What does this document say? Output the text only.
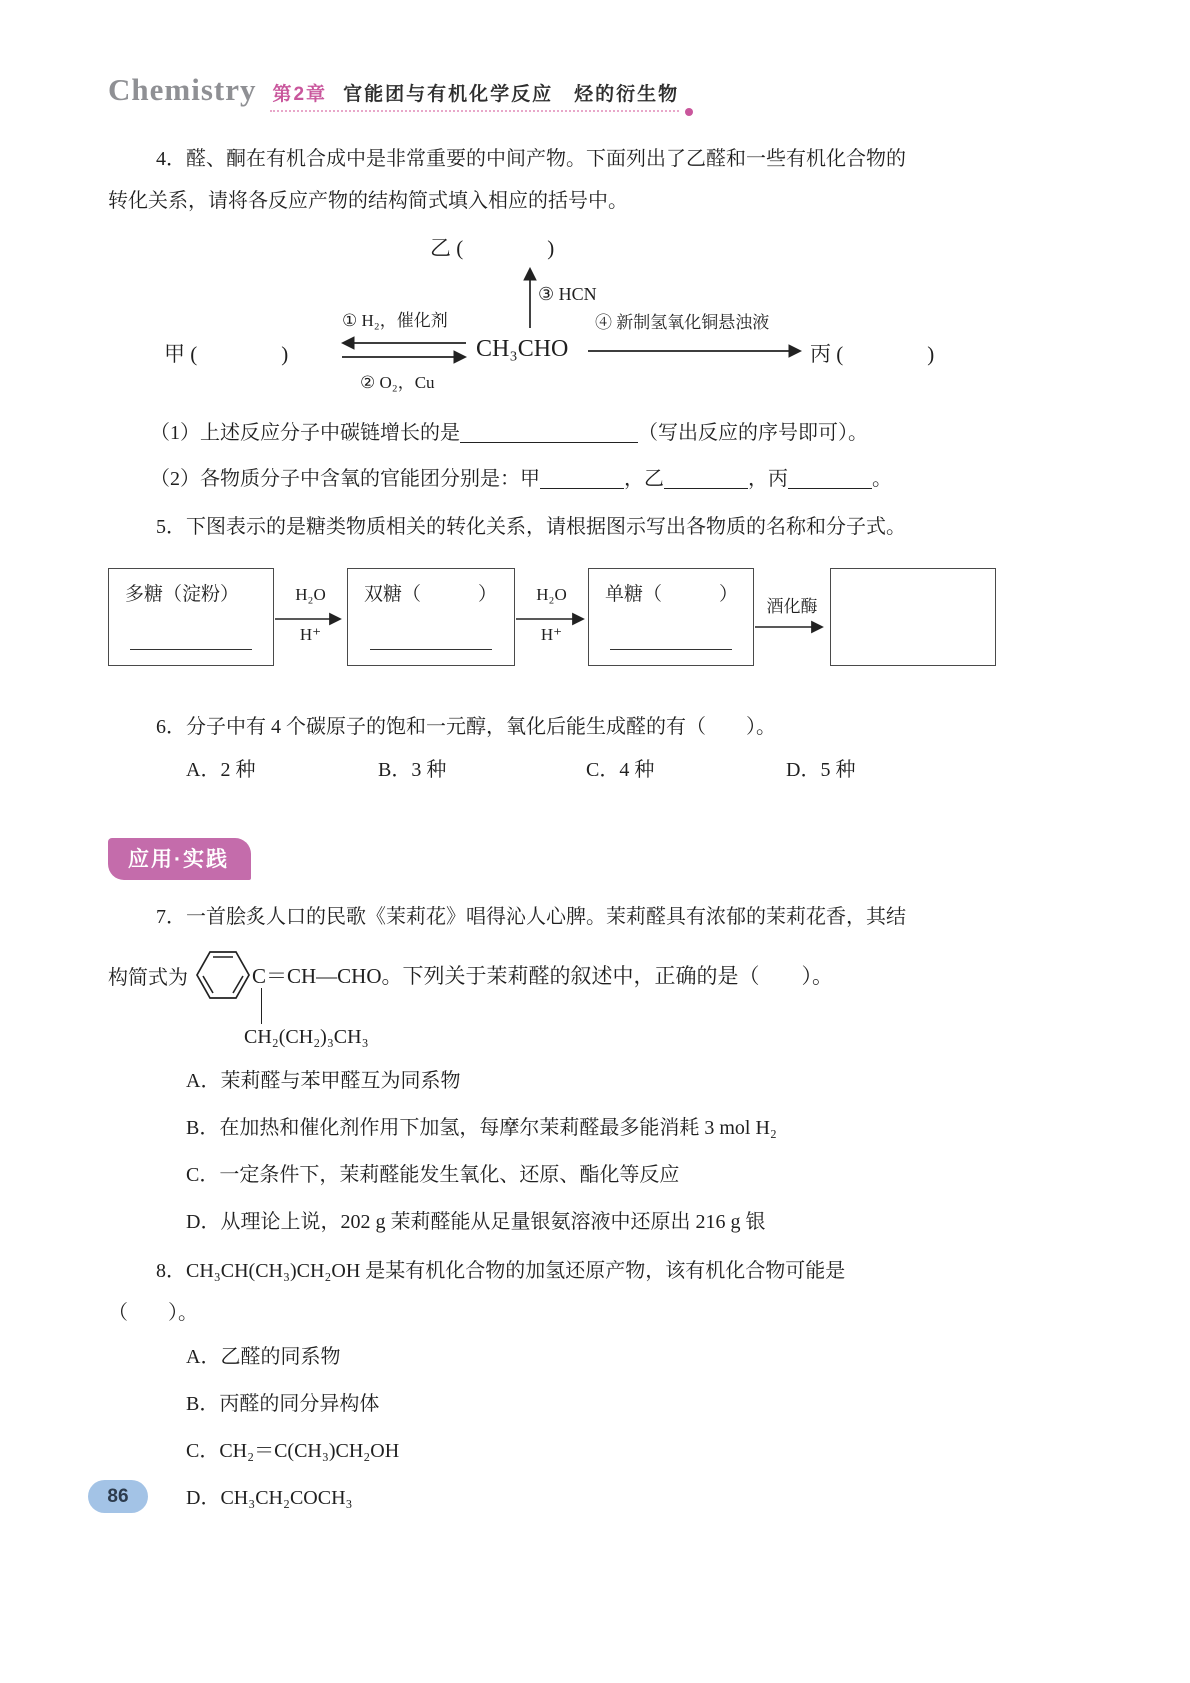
Chemistry 第2章 官能团与有机化学反应　烃的衍生物
4．醛、酮在有机合成中是非常重要的中间产物。下面列出了乙醛和一些有机化合物的
转化关系，请将各反应产物的结构简式填入相应的括号中。
乙 (　　　　)
③ HCN
甲 (　　　　)
① H₂，催化剂
② O₂，Cu
CH₃CHO
④ 新制氢氧化铜悬浊液
丙 (　　　　)
（1）上述反应分子中碳链增长的是	（写出反应的序号即可）。
（2）各物质分子中含氧的官能团分别是：甲	，乙	，丙	。
5．下图表示的是糖类物质相关的转化关系，请根据图示写出各物质的名称和分子式。
多糖（淀粉）	H₂O
H⁺
双糖（　　　）	H₂O
H⁺
单糖（　　　）
酒化酶
6．分子中有 4 个碳原子的饱和一元醇，氧化后能生成醛的有（　　）。
A．2 种	B．3 种	C．4 种	D．5 种
应用·实践
7．一首脍炙人口的民歌《茉莉花》唱得沁人心脾。茉莉醛具有浓郁的茉莉花香，其结
构简式为	C＝CH—CHO。下列关于茉莉醛的叙述中，正确的是（　　）。
CH₂(CH₂)₃CH₃
A．茉莉醛与苯甲醛互为同系物
B．在加热和催化剂作用下加氢，每摩尔茉莉醛最多能消耗 3 mol H₂
C．一定条件下，茉莉醛能发生氧化、还原、酯化等反应
D．从理论上说，202 g 茉莉醛能从足量银氨溶液中还原出 216 g 银
8．CH₃CH(CH₃)CH₂OH 是某有机化合物的加氢还原产物，该有机化合物可能是
（　　）。
A．乙醛的同系物
B．丙醛的同分异构体
C．CH₂＝C(CH₃)CH₂OH
D．CH₃CH₂COCH₃
86
